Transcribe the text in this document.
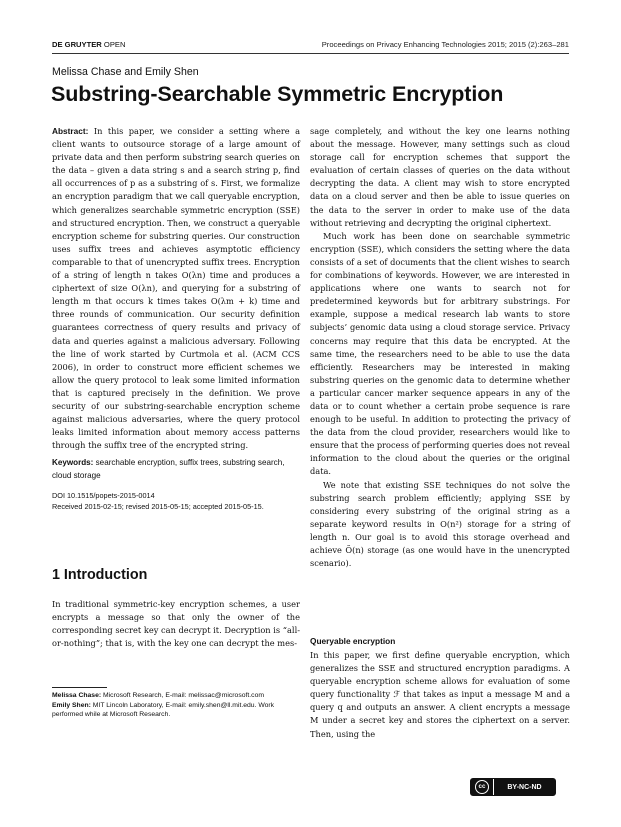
DE GRUYTER OPEN	Proceedings on Privacy Enhancing Technologies 2015; 2015 (2):263–281
Melissa Chase and Emily Shen
Substring-Searchable Symmetric Encryption

Abstract: In this paper, we consider a setting where a client wants to outsource storage of a large amount of private data and then perform substring search queries on the data – given a data string s and a search string p, find all occurrences of p as a substring of s. First, we formalize an encryption paradigm that we call queryable encryption, which generalizes searchable symmetric encryption (SSE) and structured encryption. Then, we construct a queryable encryption scheme for substring queries. Our construction uses suffix trees and achieves asymptotic efficiency comparable to that of unencrypted suffix trees. Encryption of a string of length n takes O(λn) time and produces a ciphertext of size O(λn), and querying for a substring of length m that occurs k times takes O(λm + k) time and three rounds of communication. Our security definition guarantees correctness of query results and privacy of data and queries against a malicious adversary. Following the line of work started by Curtmola et al. (ACM CCS 2006), in order to construct more efficient schemes we allow the query protocol to leak some limited information that is captured precisely in the definition. We prove security of our substring-searchable encryption scheme against malicious adversaries, where the query protocol leaks limited information about memory access patterns through the suffix tree of the encrypted string.

Keywords: searchable encryption, suffix trees, substring search, cloud storage

DOI 10.1515/popets-2015-0014
Received 2015-02-15; revised 2015-05-15; accepted 2015-05-15.
1 Introduction
In traditional symmetric-key encryption schemes, a user encrypts a message so that only the owner of the corresponding secret key can decrypt it. Decryption is “all-or-nothing”; that is, with the key one can decrypt the mes-
Melissa Chase: Microsoft Research, E-mail: melissac@microsoft.com
Emily Shen: MIT Lincoln Laboratory, E-mail: emily.shen@ll.mit.edu. Work performed while at Microsoft Research.

sage completely, and without the key one learns nothing about the message. However, many settings such as cloud storage call for encryption schemes that support the evaluation of certain classes of queries on the data without decrypting the data. A client may wish to store encrypted data on a cloud server and then be able to issue queries on the data to the server in order to make use of the data without retrieving and decrypting the original ciphertext.

Much work has been done on searchable symmetric encryption (SSE), which considers the setting where the data consists of a set of documents that the client wishes to search for combinations of keywords. However, we are interested in applications where one wants to search not for predetermined keywords but for arbitrary substrings. For example, suppose a medical research lab wants to store subjects’ genomic data using a cloud storage service. Privacy concerns may require that this data be encrypted. At the same time, the researchers need to be able to use the data efficiently. Researchers may be interested in making substring queries on the genomic data to determine whether a particular cancer marker sequence appears in any of the data or to count whether a certain probe sequence is rare enough to be useful. In addition to protecting the privacy of the data from the cloud provider, researchers would like to ensure that the process of performing queries does not reveal information to the cloud about the queries or the original data.

We note that existing SSE techniques do not solve the substring search problem efficiently; applying SSE by considering every substring of the original string as a separate keyword results in O(n²) storage for a string of length n. Our goal is to avoid this storage overhead and achieve Õ(n) storage (as one would have in the unencrypted scenario).

Queryable encryption
In this paper, we first define queryable encryption, which generalizes the SSE and structured encryption paradigms. A queryable encryption scheme allows for evaluation of some query functionality ℱ that takes as input a message M and a query q and outputs an answer. A client encrypts a message M under a secret key and stores the ciphertext on a server. Then, using the
cc	BY-NC-ND
